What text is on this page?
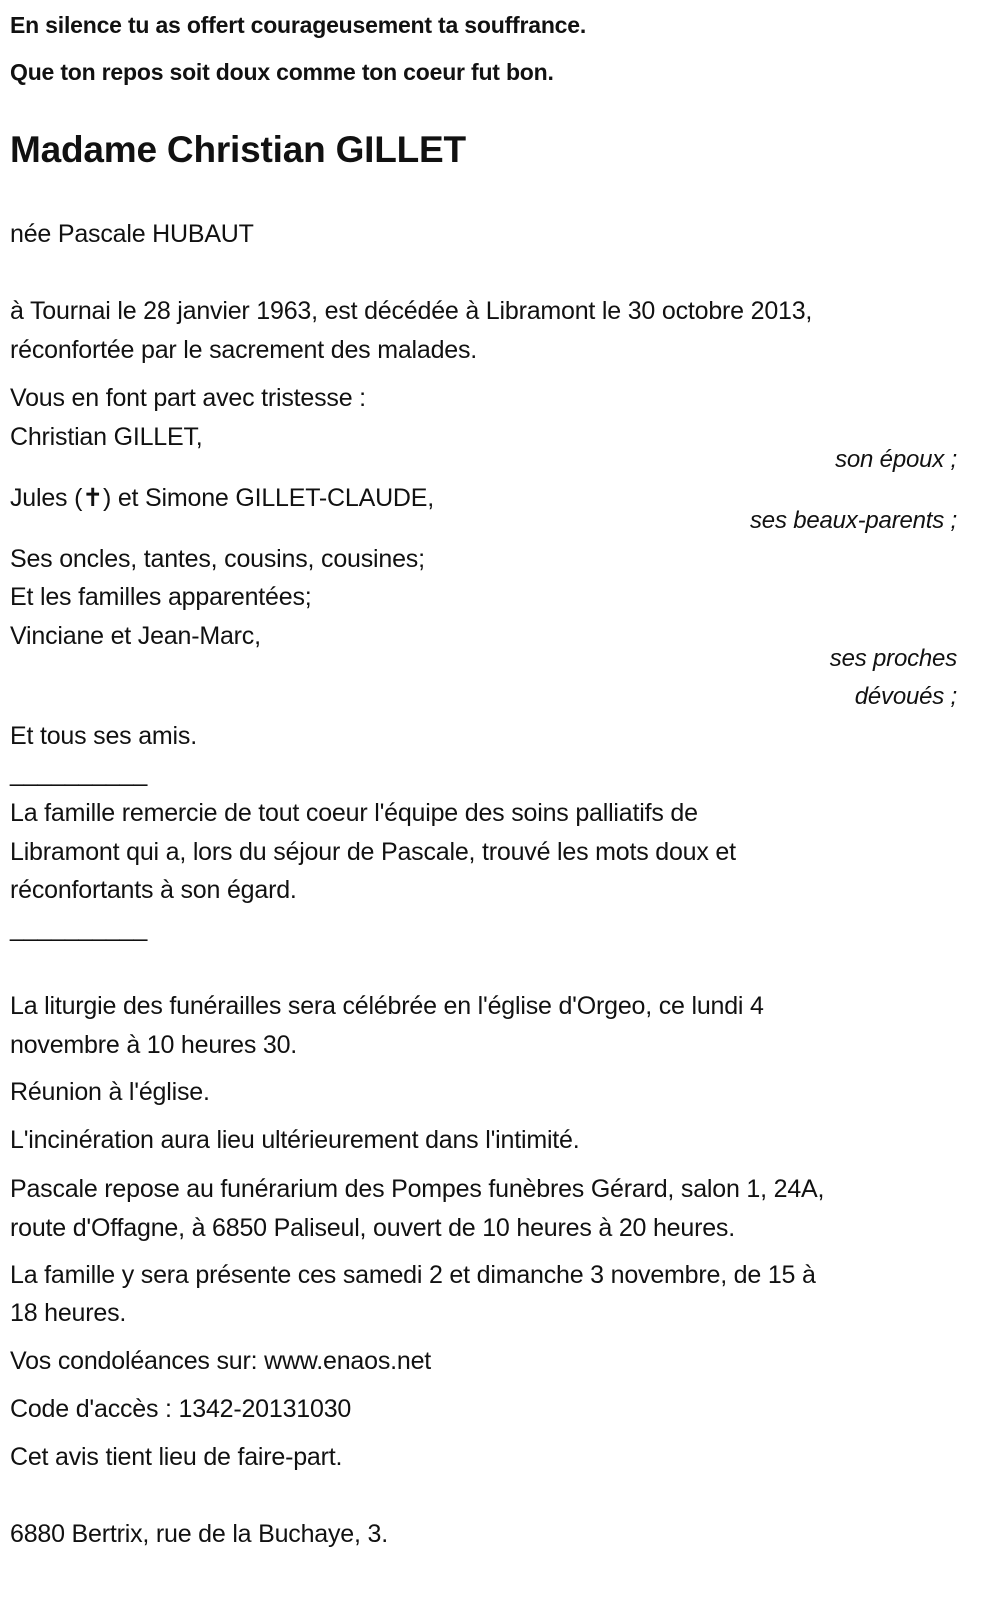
En silence tu as offert courageusement ta souffrance.
Que ton repos soit doux comme ton coeur fut bon.
Madame Christian GILLET
née Pascale HUBAUT
à Tournai le 28 janvier 1963, est décédée à Libramont le 30 octobre 2013,
réconfortée par le sacrement des malades.
Vous en font part avec tristesse :
Christian GILLET,
son époux ;
Jules (✝) et Simone GILLET-CLAUDE,
ses beaux-parents ;
Ses oncles, tantes, cousins, cousines;
Et les familles apparentées;
Vinciane et Jean-Marc,
ses proches
dévoués ;
Et tous ses amis.
__________
La famille remercie de tout coeur l'équipe des soins palliatifs de
Libramont qui a, lors du séjour de Pascale, trouvé les mots doux et
réconfortants à son égard.
__________
La liturgie des funérailles sera célébrée en l'église d'Orgeo, ce lundi 4
novembre à 10 heures 30.
Réunion à l'église.
L'incinération aura lieu ultérieurement dans l'intimité.
Pascale repose au funérarium des Pompes funèbres Gérard, salon 1, 24A,
route d'Offagne, à 6850 Paliseul, ouvert de 10 heures à 20 heures.
La famille y sera présente ces samedi 2 et dimanche 3 novembre, de 15 à
18 heures.
Vos condoléances sur: www.enaos.net
Code d'accès : 1342-20131030
Cet avis tient lieu de faire-part.
6880 Bertrix, rue de la Buchaye, 3.
